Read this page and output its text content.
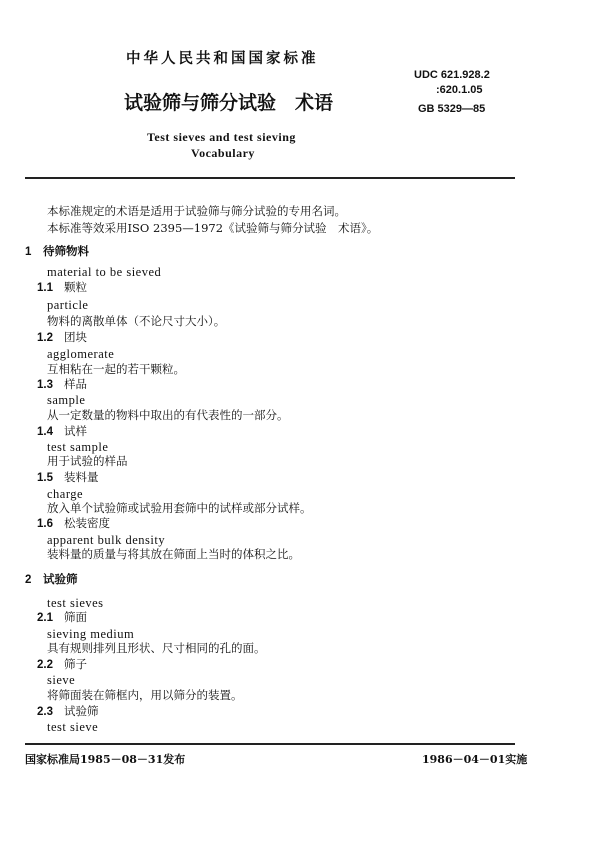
中华人民共和国国家标准
UDC 621.928.2
:620.1.05
试验筛与筛分试验　术语	GB 5329—85
Test sieves and test sieving
Vocabulary
本标准规定的术语是适用于试验筛与筛分试验的专用名词。
本标准等效采用ISO 2395—1972《试验筛与筛分试验　术语》。
1 待筛物料
material to be sieved
1.1 颗粒
particle
物料的离散单体（不论尺寸大小）。
1.2 团块
agglomerate
互相粘在一起的若干颗粒。
1.3 样品
sample
从一定数量的物料中取出的有代表性的一部分。
1.4 试样
test sample
用于试验的样品
1.5 装料量
charge
放入单个试验筛或试验用套筛中的试样或部分试样。
1.6 松装密度
apparent bulk density
装料量的质量与将其放在筛面上当时的体积之比。
2 试验筛
test sieves
2.1 筛面
sieving medium
具有规则排列且形状、尺寸相同的孔的面。
2.2 筛子
sieve
将筛面装在筛框内，用以筛分的装置。
2.3 试验筛
test sieve
国家标准局1985－08－31发布	1986－04－01实施
